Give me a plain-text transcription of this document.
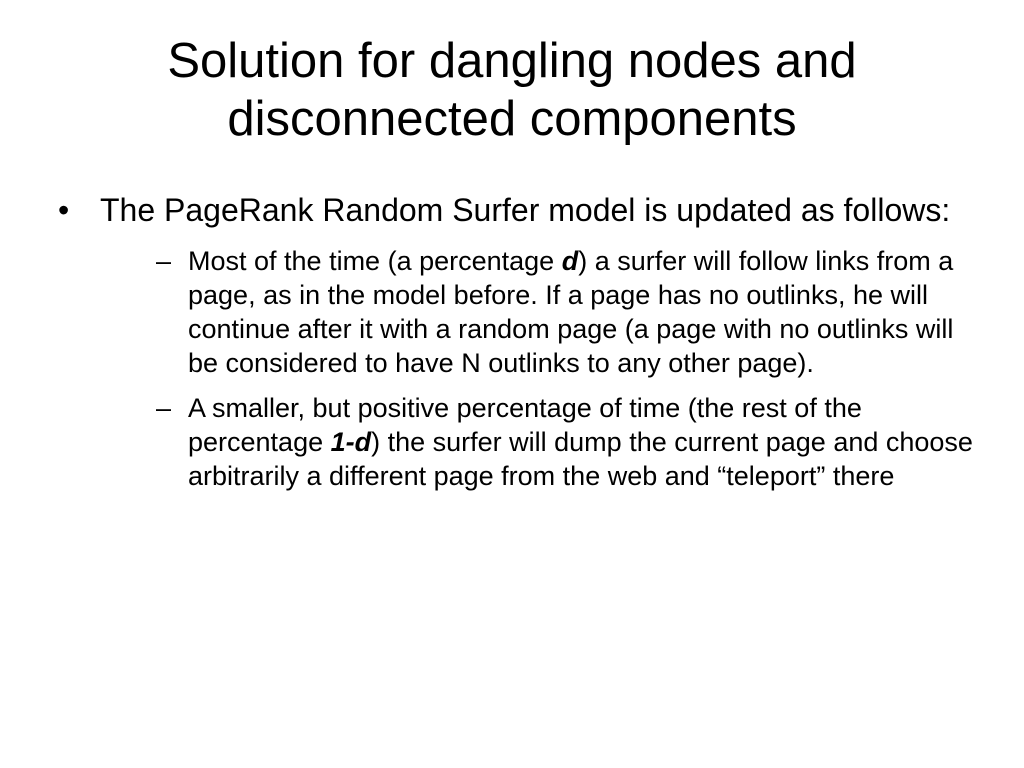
Solution for dangling nodes and disconnected components
• The PageRank Random Surfer model is updated as follows:
– Most of the time (a percentage d) a surfer will follow links from a page, as in the model before. If a page has no outlinks, he will continue after it with a random page (a page with no outlinks will be considered to have N outlinks to any other page).
– A smaller, but positive percentage of time (the rest of the percentage 1-d) the surfer will dump the current page and choose arbitrarily a different page from the web and “teleport” there
